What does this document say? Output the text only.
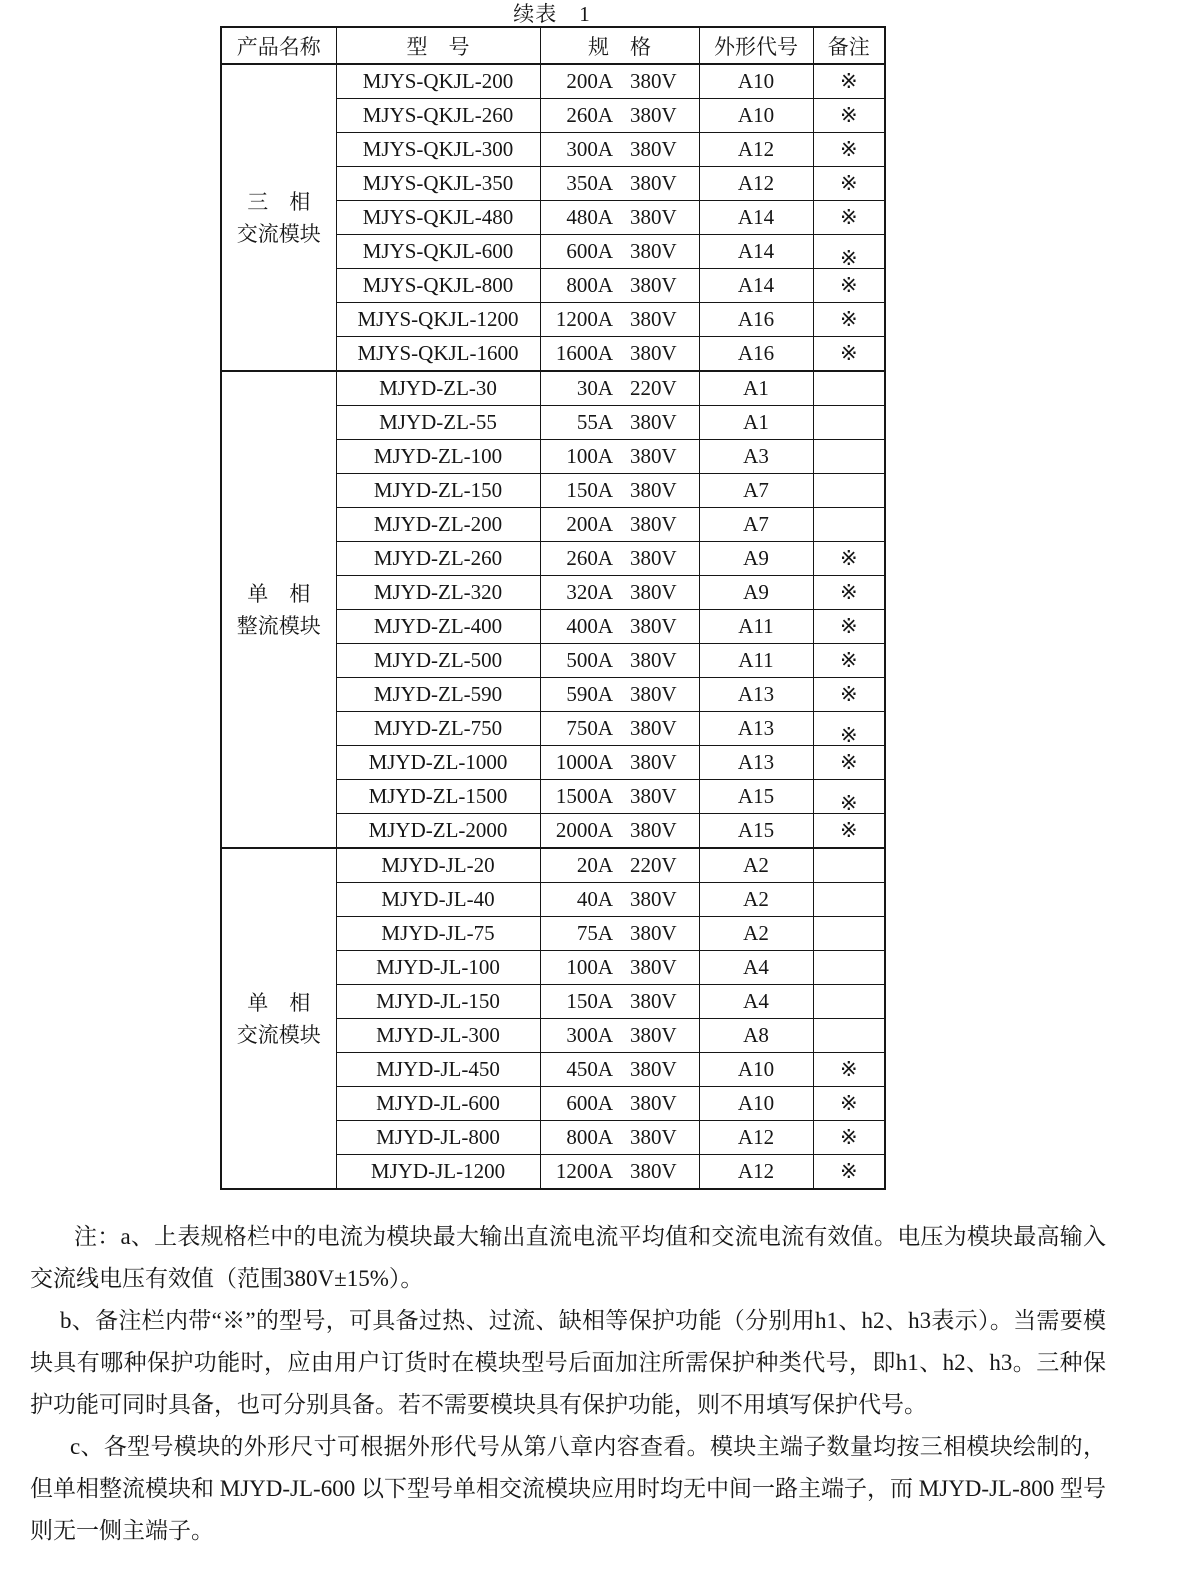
续表　1
产品名称	型　号	规　格	外形代号	备注

三　相
交流模块
	MJYS-QKJL-200	200A 380V	A10	※
	MJYS-QKJL-260	260A 380V	A10	※
	MJYS-QKJL-300	300A 380V	A12	※
	MJYS-QKJL-350	350A 380V	A12	※
	MJYS-QKJL-480	480A 380V	A14	※
	MJYS-QKJL-600	600A 380V	A14	※
	MJYS-QKJL-800	800A 380V	A14	※
	MJYS-QKJL-1200	1200A 380V	A16	※
	MJYS-QKJL-1600	1600A 380V	A16	※

单　相
整流模块
	MJYD-ZL-30	30A 220V	A1	
	MJYD-ZL-55	55A 380V	A1	
	MJYD-ZL-100	100A 380V	A3	
	MJYD-ZL-150	150A 380V	A7	
	MJYD-ZL-200	200A 380V	A7	
	MJYD-ZL-260	260A 380V	A9	※
	MJYD-ZL-320	320A 380V	A9	※
	MJYD-ZL-400	400A 380V	A11	※
	MJYD-ZL-500	500A 380V	A11	※
	MJYD-ZL-590	590A 380V	A13	※
	MJYD-ZL-750	750A 380V	A13	※
	MJYD-ZL-1000	1000A 380V	A13	※
	MJYD-ZL-1500	1500A 380V	A15	※
	MJYD-ZL-2000	2000A 380V	A15	※

单　相
交流模块
	MJYD-JL-20	20A 220V	A2	
	MJYD-JL-40	40A 380V	A2	
	MJYD-JL-75	75A 380V	A2	
	MJYD-JL-100	100A 380V	A4	
	MJYD-JL-150	150A 380V	A4	
	MJYD-JL-300	300A 380V	A8	
	MJYD-JL-450	450A 380V	A10	※
	MJYD-JL-600	600A 380V	A10	※
	MJYD-JL-800	800A 380V	A12	※
	MJYD-JL-1200	1200A 380V	A12	※

注：a、上表规格栏中的电流为模块最大输出直流电流平均值和交流电流有效值。电压为模块最高输入交流线电压有效值（范围380V±15%）。

b、备注栏内带“※”的型号，可具备过热、过流、缺相等保护功能（分别用h1、h2、h3表示）。当需要模块具有哪种保护功能时，应由用户订货时在模块型号后面加注所需保护种类代号，即h1、h2、h3。三种保护功能可同时具备，也可分别具备。若不需要模块具有保护功能，则不用填写保护代号。

c、各型号模块的外形尺寸可根据外形代号从第八章内容查看。模块主端子数量均按三相模块绘制的，但单相整流模块和 MJYD-JL-600 以下型号单相交流模块应用时均无中间一路主端子，而 MJYD-JL-800 型号则无一侧主端子。
